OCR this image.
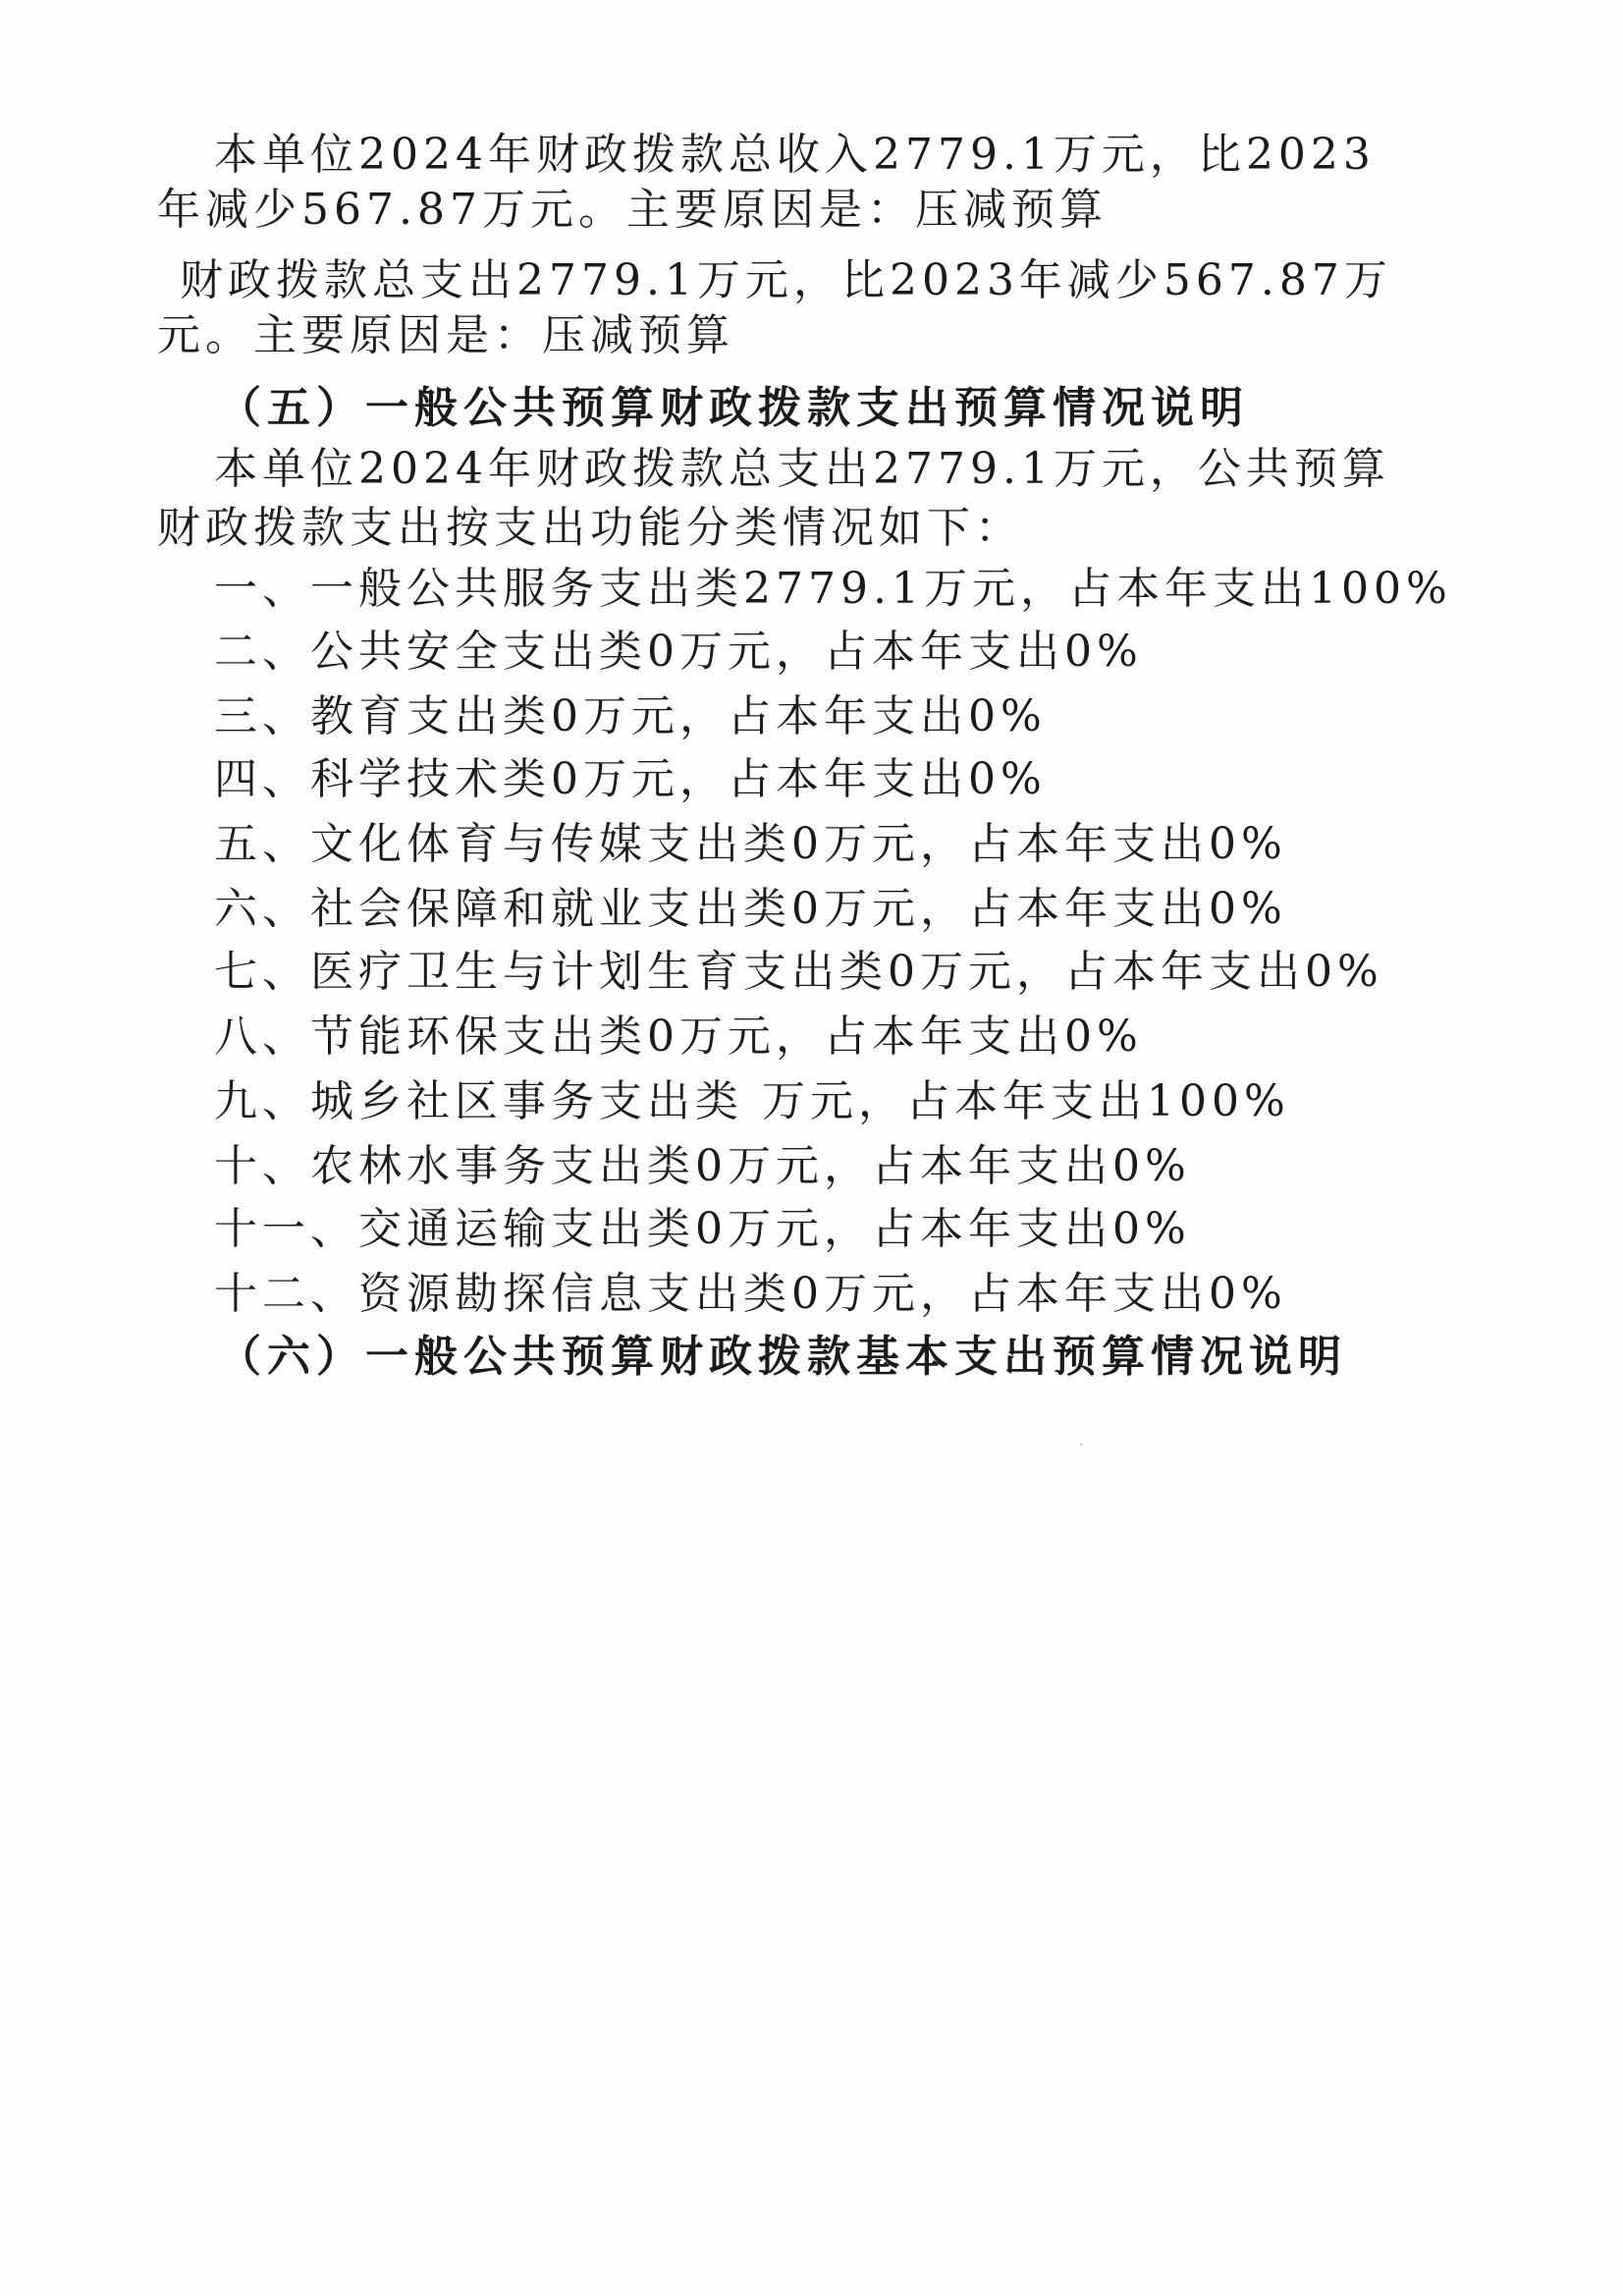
本单位2024年财政拨款总收入2779.1万元，比2023
年减少567.87万元。主要原因是：压减预算
财政拨款总支出2779.1万元，比2023年减少567.87万
元。主要原因是：压减预算
（五）一般公共预算财政拨款支出预算情况说明
本单位2024年财政拨款总支出2779.1万元，公共预算
财政拨款支出按支出功能分类情况如下：
一、一般公共服务支出类2779.1万元，占本年支出100%
二、公共安全支出类0万元，占本年支出0%
三、教育支出类0万元，占本年支出0%
四、科学技术类0万元，占本年支出0%
五、文化体育与传媒支出类0万元，占本年支出0%
六、社会保障和就业支出类0万元，占本年支出0%
七、医疗卫生与计划生育支出类0万元，占本年支出0%
八、节能环保支出类0万元，占本年支出0%
九、城乡社区事务支出类 万元，占本年支出100%
十、农林水事务支出类0万元，占本年支出0%
十一、交通运输支出类0万元，占本年支出0%
十二、资源勘探信息支出类0万元，占本年支出0%
（六）一般公共预算财政拨款基本支出预算情况说明
